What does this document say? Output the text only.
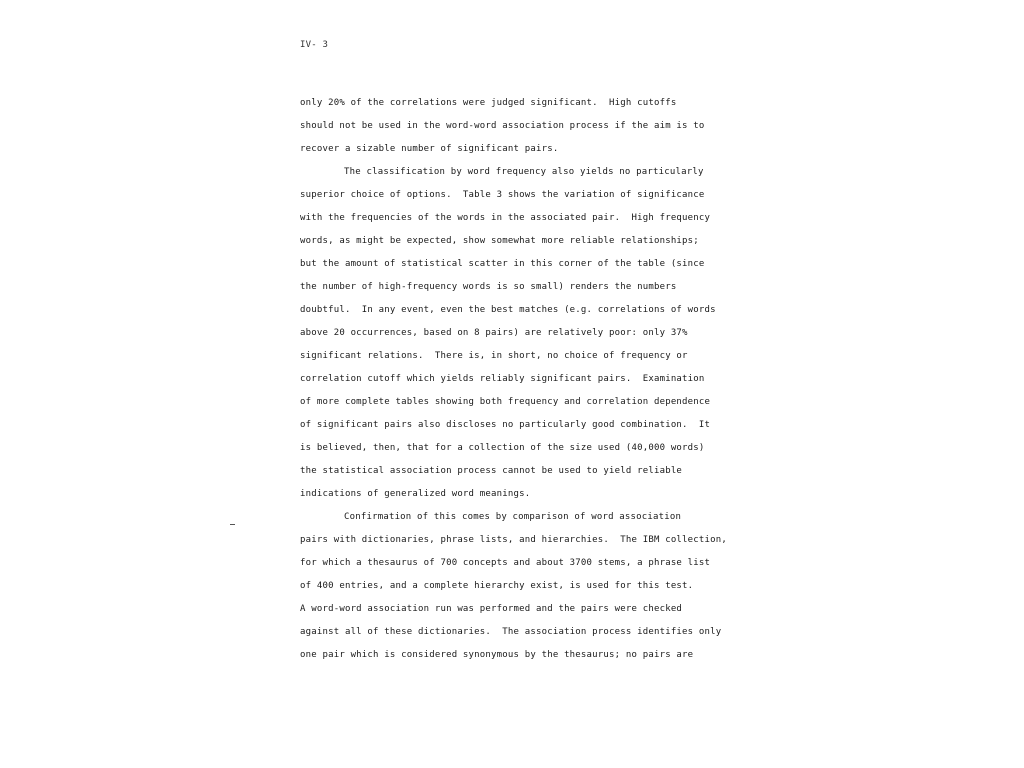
IV- 3
only 20% of the correlations were judged significant.  High cutoffs
should not be used in the word-word association process if the aim is to
recover a sizable number of significant pairs.
The classification by word frequency also yields no particularly
superior choice of options.  Table 3 shows the variation of significance
with the frequencies of the words in the associated pair.  High frequency
words, as might be expected, show somewhat more reliable relationships;
but the amount of statistical scatter in this corner of the table (since
the number of high-frequency words is so small) renders the numbers
doubtful.  In any event, even the best matches (e.g. correlations of words
above 20 occurrences, based on 8 pairs) are relatively poor: only 37%
significant relations.  There is, in short, no choice of frequency or
correlation cutoff which yields reliably significant pairs.  Examination
of more complete tables showing both frequency and correlation dependence
of significant pairs also discloses no particularly good combination.  It
is believed, then, that for a collection of the size used (40,000 words)
the statistical association process cannot be used to yield reliable
indications of generalized word meanings.
Confirmation of this comes by comparison of word association
pairs with dictionaries, phrase lists, and hierarchies.  The IBM collection,
for which a thesaurus of 700 concepts and about 3700 stems, a phrase list
of 400 entries, and a complete hierarchy exist, is used for this test.
A word-word association run was performed and the pairs were checked
against all of these dictionaries.  The association process identifies only
one pair which is considered synonymous by the thesaurus; no pairs are
